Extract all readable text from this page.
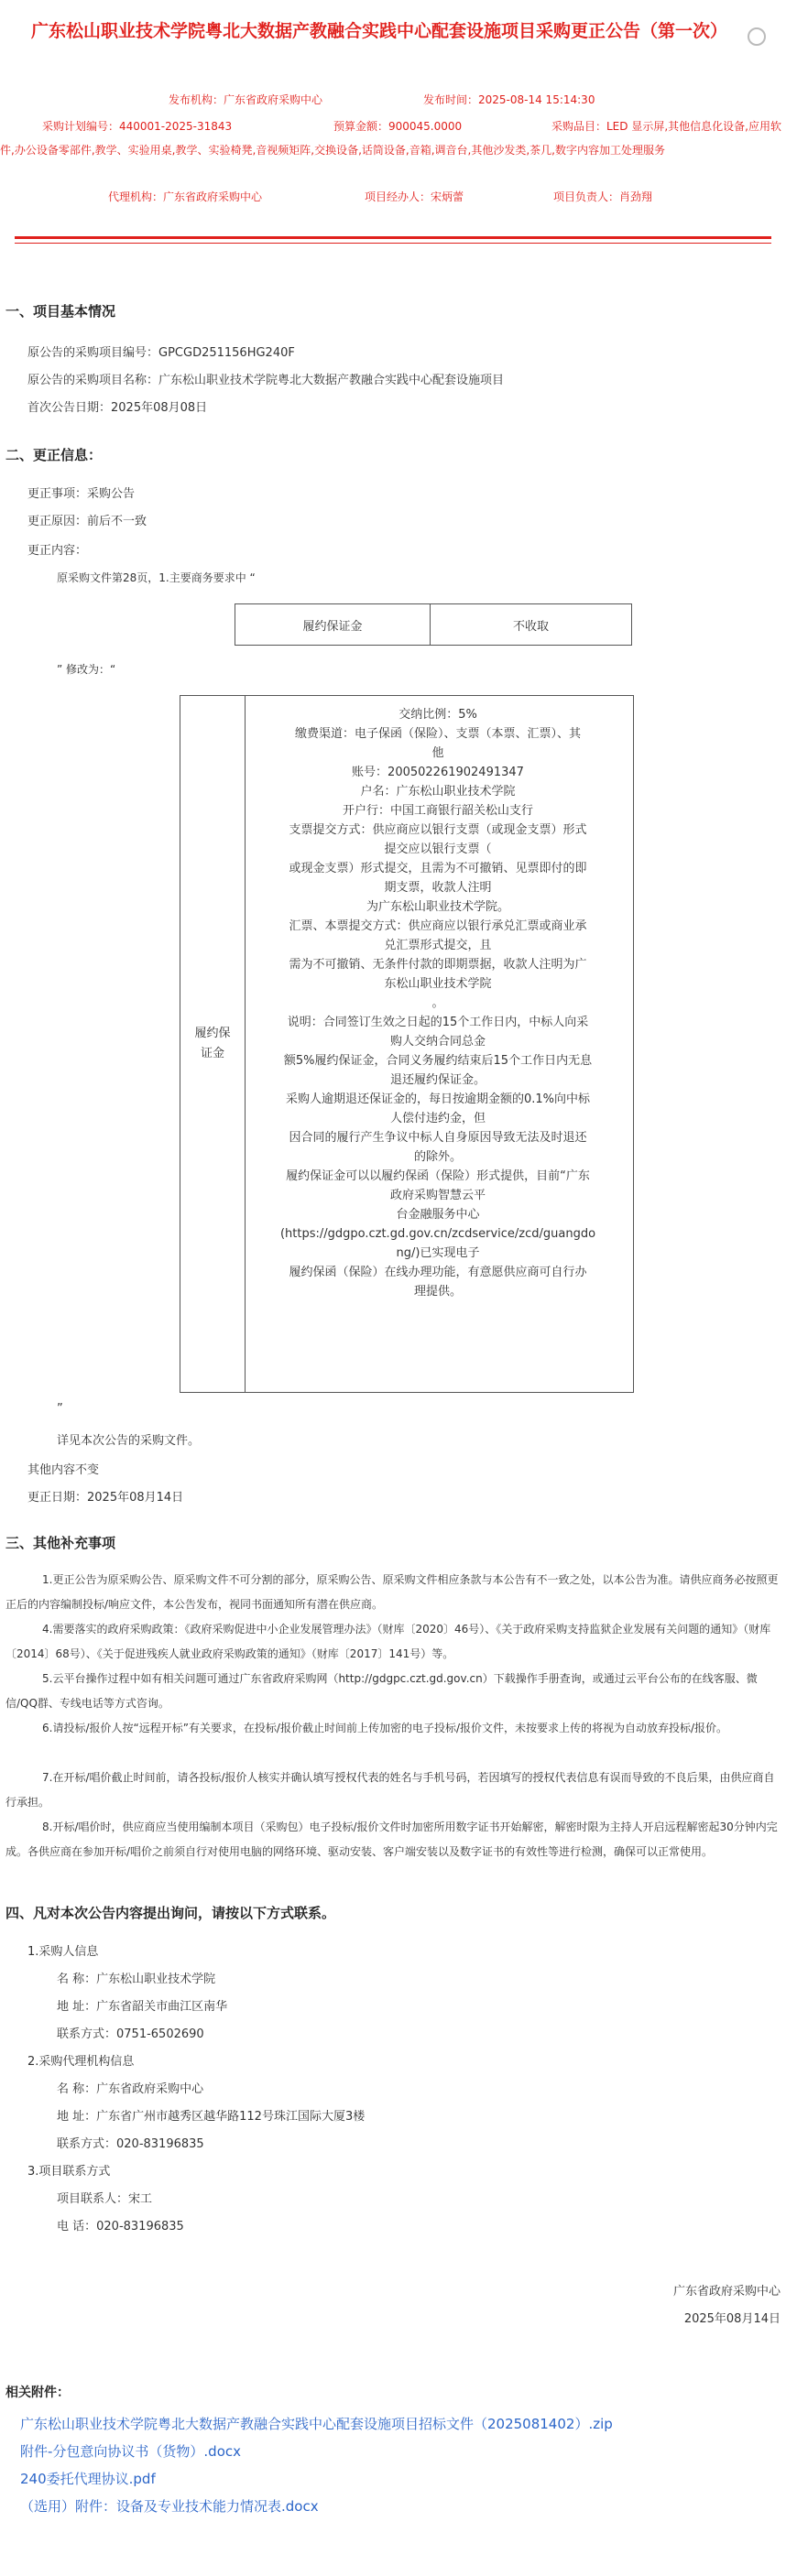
广东松山职业技术学院粤北大数据产教融合实践中心配套设施项目采购更正公告（第一次）
发布机构：广东省政府采购中心	发布时间：2025-08-14 15:14:30
采购计划编号：440001-2025-31843	预算金额：900045.0000	采购品目：LED 显示屏,其他信息化设备,应用软件,办公设备零部件,教学、实验用桌,教学、实验椅凳,音视频矩阵,交换设备,话筒设备,音箱,调音台,其他沙发类,茶几,数字内容加工处理服务
代理机构：广东省政府采购中心	项目经办人：宋炳蕾	项目负责人：肖劲翔
一、项目基本情况
原公告的采购项目编号：GPCGD251156HG240F
原公告的采购项目名称：广东松山职业技术学院粤北大数据产教融合实践中心配套设施项目
首次公告日期：2025年08月08日
二、更正信息：
更正事项：采购公告
更正原因：前后不一致
更正内容：
原采购文件第28页，1.主要商务要求中 “
履约保证金	不收取
” 修改为：“
履约保证金
交纳比例：5%
缴费渠道：电子保函（保险）、支票（本票、汇票）、其
他
账号：2005022619024913​47
户名：广东松山职业技术学院
开户行：中国工商银行韶关松山支行
支票提交方式：供应商应以银行支票（或现金支票）形式
提交应以银行支票（
或现金支票）形式提交，且需为不可撤销、见票即付的即
期支票，收款人注明
为广东松山职业技术学院。
汇票、本票提交方式：供应商应以银行承兑汇票或商业承
兑汇票形式提交，且
需为不可撤销、无条件付款的即期票据，收款人注明为广
东松山职业技术学院
。
说明：合同签订生效之日起的15个工作日内，中标人向采
购人交纳合同总金
额5%履约保证金，合同义务履约结束后15个工作日内无息
退还履约保证金。
采购人逾期退还保证金的，每日按逾期金额的0.1%向中标
人偿付违约金，但
因合同的履行产生争议中标人自身原因导致无法及时退还
的除外。
履约保证金可以以履约保函（保险）形式提供，目前“广东
政府采购智慧云平
台金融服务中心
(https://gdgpo.czt.gd.gov.cn/zcdservice/zcd/guangdo
ng/)已实现电子
履约保函（保险）在线办理功能，有意愿供应商可自行办
理提供。
”
详见本次公告的采购文件。
其他内容不变
更正日期：2025年08月14日
三、其他补充事项
1.更正公告为原采购公告、原采购文件不可分割的部分，原采购公告、原采购文件相应条款与本公告有不一致之处，以本公告为准。请供应商务必按照更正后的内容编制投标/响应文件，本公告发布，视同书面通知所有潜在供应商。
4.需要落实的政府采购政策：《政府采购促进中小企业发展管理办法》（财库〔2020〕46号）、《关于政府采购支持监狱企业发展有关问题的通知》（财库〔2014〕68号）、《关于促进残疾人就业政府采购政策的通知》（财库〔2017〕141号）等。
5.云平台操作过程中如有相关问题可通过广东省政府采购网（http://gdgpc.czt.gd.gov.cn）下载操作手册查询，或通过云平台公布的在线客服、微信/QQ群、专线电话等方式咨询。
6.请投标/报价人按“远程开标”有关要求，在投标/报价截止时间前上传加密的电子投标/报价文件，未按要求上传的将视为自动放弃投标/报价。
7.在开标/唱价截止时间前，请各投标/报价人核实并确认填写授权代表的姓名与手机号码，若因填写的授权代表信息有误而导致的不良后果，由供应商自行承担。
8.开标/唱价时，供应商应当使用编制本项目（采购包）电子投标/报价文件时加密所用数字证书开始解密，解密时限为主持人开启远程解密起30分钟内完成。各供应商在参加开标/唱价之前须自行对使用电脑的网络环境、驱动安装、客户端安装以及数字证书的有效性等进行检测，确保可以正常使用。
四、凡对本次公告内容提出询问，请按以下方式联系。
1.采购人信息
名 称：广东松山职业技术学院
地 址：广东省韶关市曲江区南华
联系方式：0751-6502690
2.采购代理机构信息
名 称：广东省政府采购中心
地 址：广东省广州市越秀区越华路112号珠江国际大厦3楼
联系方式：020-83196835
3.项目联系方式
项目联系人：宋工
电 话：020-83196835
广东省政府采购中心
2025年08月14日
相关附件：
广东松山职业技术学院粤北大数据产教融合实践中心配套设施项目招标文件（2025081402）.zip
附件-分包意向协议书（货物）.docx
240委托代理协议.pdf
（选用）附件：设备及专业技术能力情况表.docx
